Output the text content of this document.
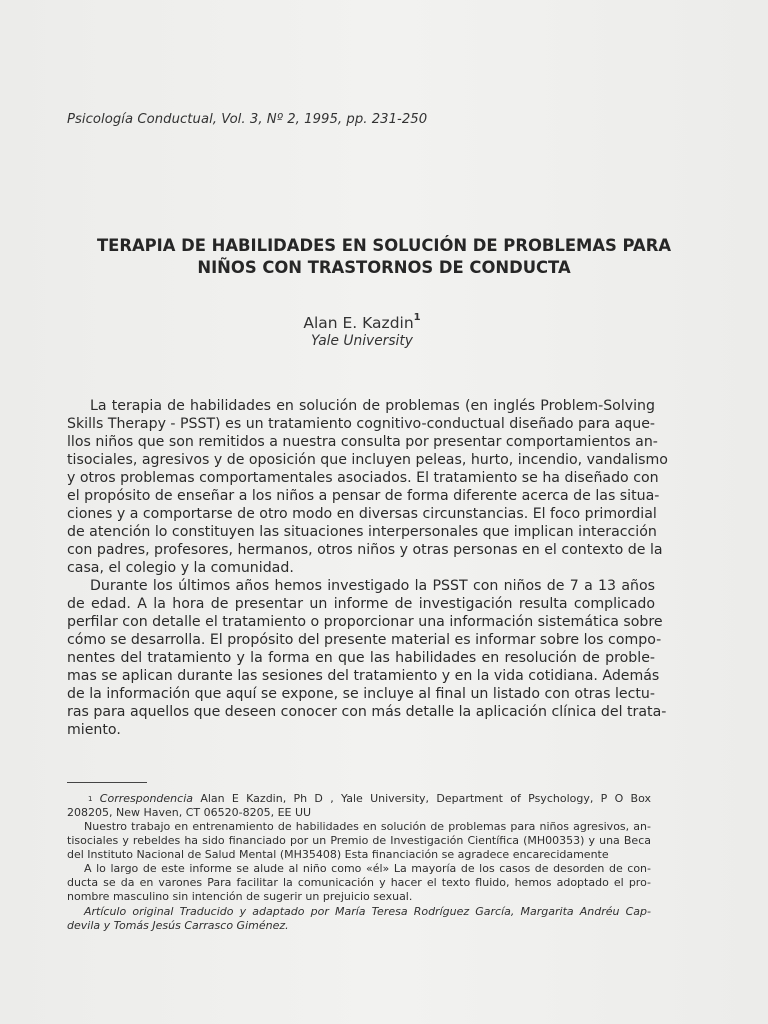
Psicología Conductual, Vol. 3, Nº 2, 1995, pp. 231-250
TERAPIA DE HABILIDADES EN SOLUCIÓN DE PROBLEMAS PARA
NIÑOS CON TRASTORNOS DE CONDUCTA
Alan E. Kazdin$^1$
Yale University
La terapia de habilidades en solución de problemas (en inglés Problem-Solving
Skills Therapy - PSST) es un tratamiento cognitivo-conductual diseñado para aque-
llos niños que son remitidos a nuestra consulta por presentar comportamientos an-
tisociales, agresivos y de oposición que incluyen peleas, hurto, incendio, vandalismo
y otros problemas comportamentales asociados. El tratamiento se ha diseñado con
el propósito de enseñar a los niños a pensar de forma diferente acerca de las situa-
ciones y a comportarse de otro modo en diversas circunstancias. El foco primordial
de atención lo constituyen las situaciones interpersonales que implican interacción
con padres, profesores, hermanos, otros niños y otras personas en el contexto de la
casa, el colegio y la comunidad.
Durante los últimos años hemos investigado la PSST con niños de 7 a 13 años
de edad. A la hora de presentar un informe de investigación resulta complicado
perfilar con detalle el tratamiento o proporcionar una información sistemática sobre
cómo se desarrolla. El propósito del presente material es informar sobre los compo-
nentes del tratamiento y la forma en que las habilidades en resolución de proble-
mas se aplican durante las sesiones del tratamiento y en la vida cotidiana. Además
de la información que aquí se expone, se incluye al final un listado con otras lectu-
ras para aquellos que deseen conocer con más detalle la aplicación clínica del trata-
miento.
$^1$ Correspondencia Alan E Kazdin, Ph D , Yale University, Department of Psychology, P O Box
208205, New Haven, CT 06520-8205, EE UU
Nuestro trabajo en entrenamiento de habilidades en solución de problemas para niños agresivos, an-
tisociales y rebeldes ha sido financiado por un Premio de Investigación Científica (MH00353) y una Beca
del Instituto Nacional de Salud Mental (MH35408) Esta financiación se agradece encarecidamente
A lo largo de este informe se alude al niño como «él» La mayoría de los casos de desorden de con-
ducta se da en varones Para facilitar la comunicación y hacer el texto fluido, hemos adoptado el pro-
nombre masculino sin intención de sugerir un prejuicio sexual.
Artículo original Traducido y adaptado por María Teresa Rodríguez García, Margarita Andréu Cap-
devila y Tomás Jesús Carrasco Giménez.
